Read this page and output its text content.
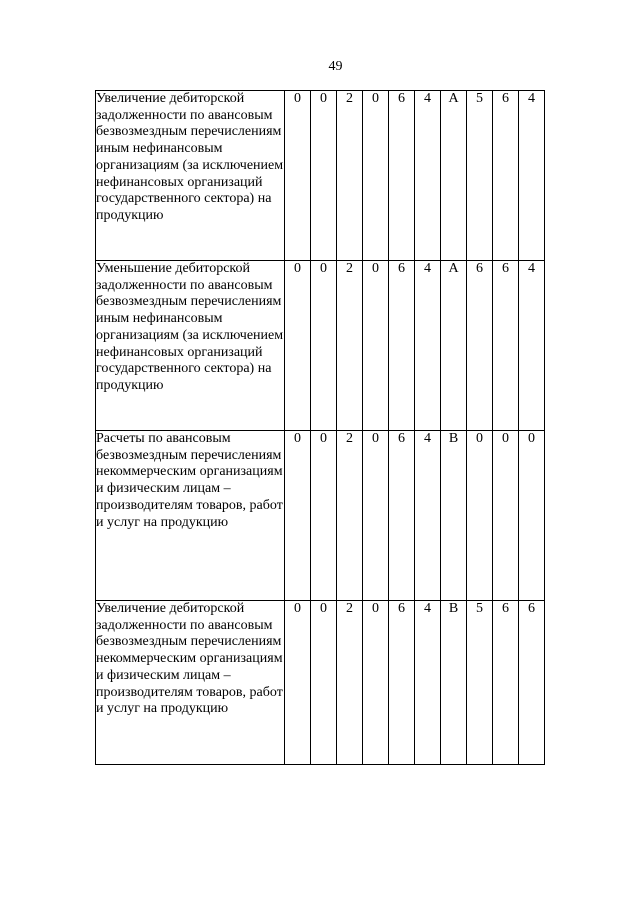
49
Увеличение дебиторской задолженности по авансовым безвозмездным перечислениям иным нефинансовым организациям (за исключением нефинансовых организаций государственного сектора) на продукцию	0	0	2	0	6	4	А	5	6	4
Уменьшение дебиторской задолженности по авансовым безвозмездным перечислениям иным нефинансовым организациям (за исключением нефинансовых организаций государственного сектора) на продукцию	0	0	2	0	6	4	А	6	6	4
Расчеты по авансовым безвозмездным перечислениям некоммерческим организациям и физическим лицам – производителям товаров, работ и услуг на продукцию	0	0	2	0	6	4	В	0	0	0
Увеличение дебиторской задолженности по авансовым безвозмездным перечислениям некоммерческим организациям и физическим лицам – производителям товаров, работ и услуг на продукцию	0	0	2	0	6	4	В	5	6	6
